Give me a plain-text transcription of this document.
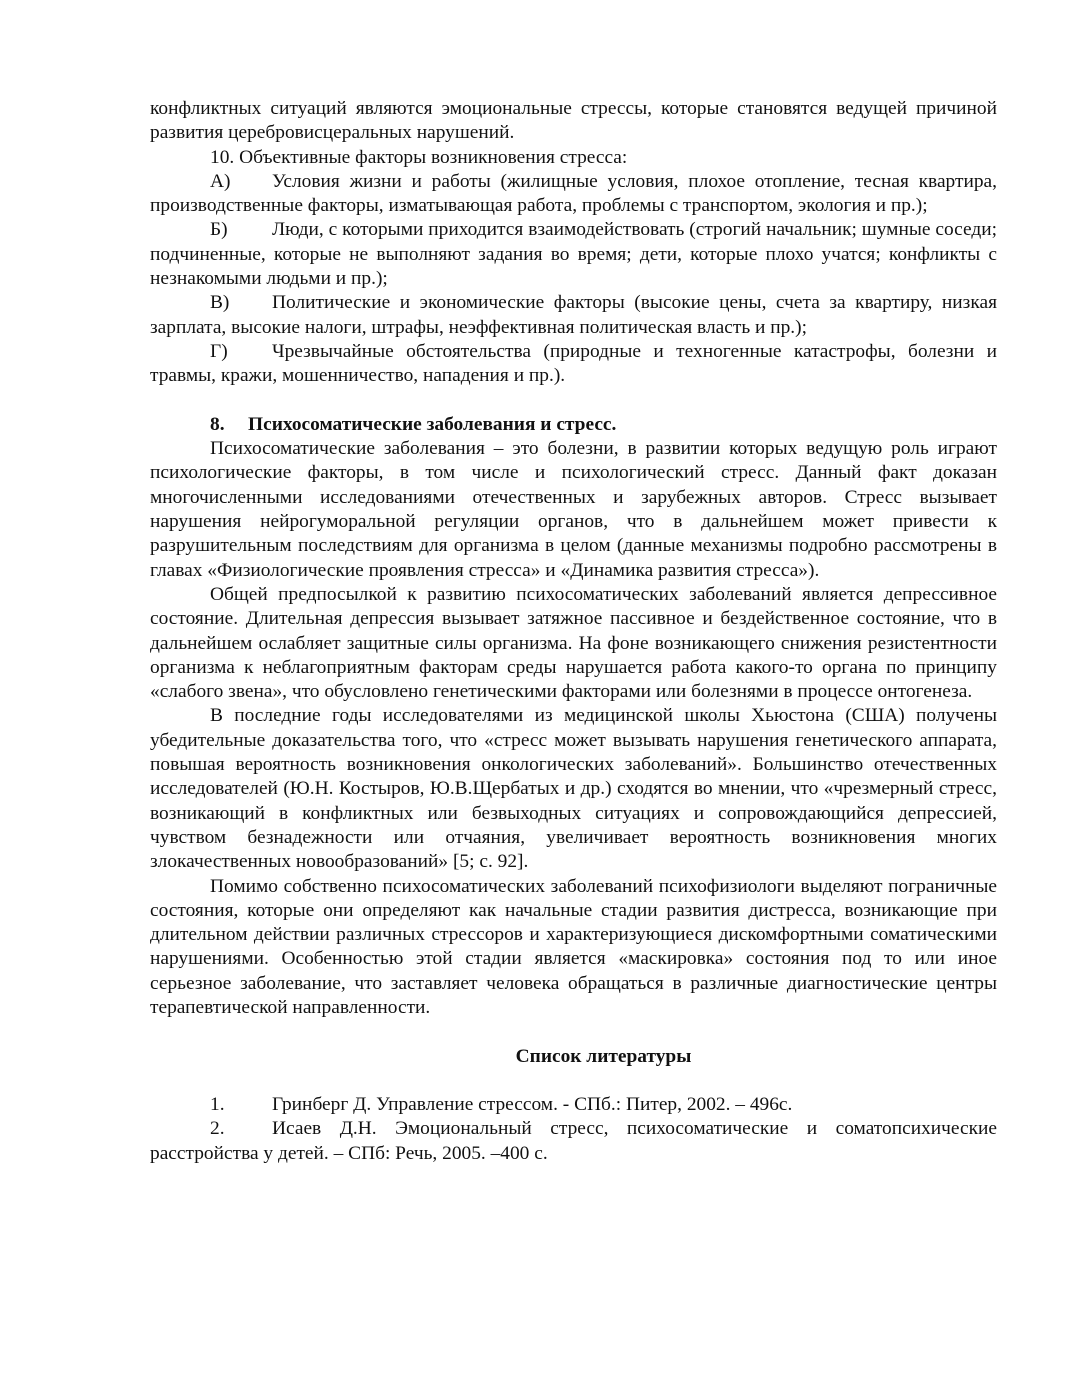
конфликтных ситуаций являются эмоциональные стрессы, которые становятся ведущей причиной развития церебровисцеральных нарушений.

10. Объективные факторы возникновения стресса:

А) Условия жизни и работы (жилищные условия, плохое отопление, тесная квартира, производственные факторы, изматывающая работа, проблемы с транспортом, экология и пр.);

Б) Люди, с которыми приходится взаимодействовать (строгий начальник; шумные соседи; подчиненные, которые не выполняют задания во время; дети, которые плохо учатся; конфликты с незнакомыми людьми и пр.);

В) Политические и экономические факторы (высокие цены, счета за квартиру, низкая зарплата, высокие налоги, штрафы, неэффективная политическая власть и пр.);

Г) Чрезвычайные обстоятельства (природные и техногенные катастрофы, болезни и травмы, кражи, мошенничество, нападения и пр.).

8. Психосоматические заболевания и стресс.

Психосоматические заболевания – это болезни, в развитии которых ведущую роль играют психологические факторы, в том числе и психологический стресс. Данный факт доказан многочисленными исследованиями отечественных и зарубежных авторов. Стресс вызывает нарушения нейрогуморальной регуляции органов, что в дальнейшем может привести к разрушительным последствиям для организма в целом (данные механизмы подробно рассмотрены в главах «Физиологические проявления стресса» и «Динамика развития стресса»).

Общей предпосылкой к развитию психосоматических заболеваний является депрессивное состояние. Длительная депрессия вызывает затяжное пассивное и бездейственное состояние, что в дальнейшем ослабляет защитные силы организма. На фоне возникающего снижения резистентности организма к неблагоприятным факторам среды нарушается работа какого-то органа по принципу «слабого звена», что обусловлено генетическими факторами или болезнями в процессе онтогенеза.

В последние годы исследователями из медицинской школы Хьюстона (США) получены убедительные доказательства того, что «стресс может вызывать нарушения генетического аппарата, повышая вероятность возникновения онкологических заболеваний». Большинство отечественных исследователей (Ю.Н. Костыров, Ю.В.Щербатых и др.) сходятся во мнении, что «чрезмерный стресс, возникающий в конфликтных или безвыходных ситуациях и сопровождающийся депрессией, чувством безнадежности или отчаяния, увеличивает вероятность возникновения многих злокачественных новообразований» [5; с. 92].

Помимо собственно психосоматических заболеваний психофизиологи выделяют пограничные состояния, которые они определяют как начальные стадии развития дистресса, возникающие при длительном действии различных стрессоров и характеризующиеся дискомфортными соматическими нарушениями. Особенностью этой стадии является «маскировка» состояния под то или иное серьезное заболевание, что заставляет человека обращаться в различные диагностические центры терапевтической направленности.

Список литературы

1. Гринберг Д. Управление стрессом. - СПб.: Питер, 2002. – 496с.

2. Исаев Д.Н. Эмоциональный стресс, психосоматические и соматопсихические расстройства у детей. – СПб: Речь, 2005. –400 с.
